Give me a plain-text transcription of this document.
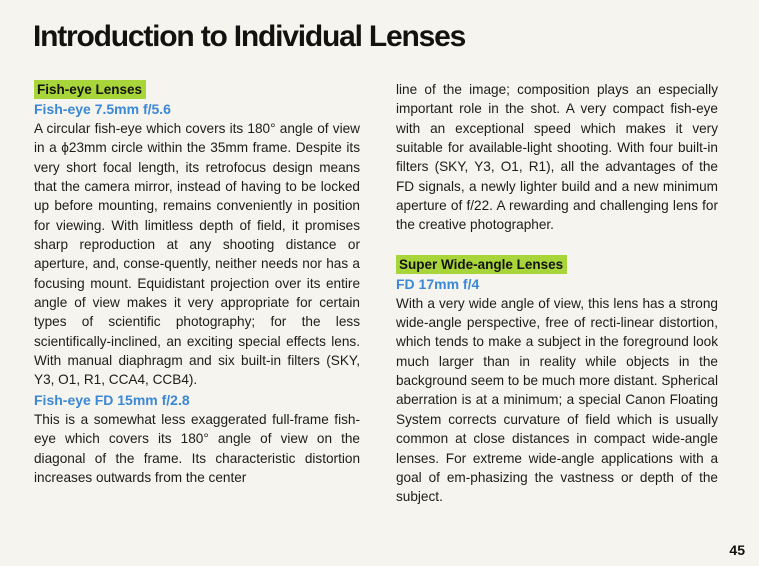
Introduction to Individual Lenses
Fish-eye Lenses
Fish-eye 7.5mm f/5.6

A circular fish-eye which covers its 180° angle of view in a ϕ23mm circle within the 35mm frame. Despite its very short focal length, its retrofocus design means that the camera mirror, instead of having to be locked up before mounting, remains conveniently in position for viewing. With limitless depth of field, it promises sharp reproduction at any shooting distance or aperture, and, conse-quently, neither needs nor has a focusing mount. Equidistant projection over its entire angle of view makes it very appropriate for certain types of scientific photography; for the less scientifically-inclined, an exciting special effects lens. With manual diaphragm and six built-in filters (SKY, Y3, O1, R1, CCA4, CCB4).

Fish-eye FD 15mm f/2.8

This is a somewhat less exaggerated full-frame fish-eye which covers its 180° angle of view on the diagonal of the frame. Its characteristic distortion increases outwards from the center

line of the image; composition plays an especially important role in the shot. A very compact fish-eye with an exceptional speed which makes it very suitable for available-light shooting. With four built-in filters (SKY, Y3, O1, R1), all the advantages of the FD signals, a newly lighter build and a new minimum aperture of f/22. A rewarding and challenging lens for the creative photographer.

Super Wide-angle Lenses
FD 17mm f/4

With a very wide angle of view, this lens has a strong wide-angle perspective, free of recti-linear distortion, which tends to make a subject in the foreground look much larger than in reality while objects in the background seem to be much more distant. Spherical aberration is at a minimum; a special Canon Floating System corrects curvature of field which is usually common at close distances in compact wide-angle lenses. For extreme wide-angle applications with a goal of em-phasizing the vastness or depth of the subject.

45
